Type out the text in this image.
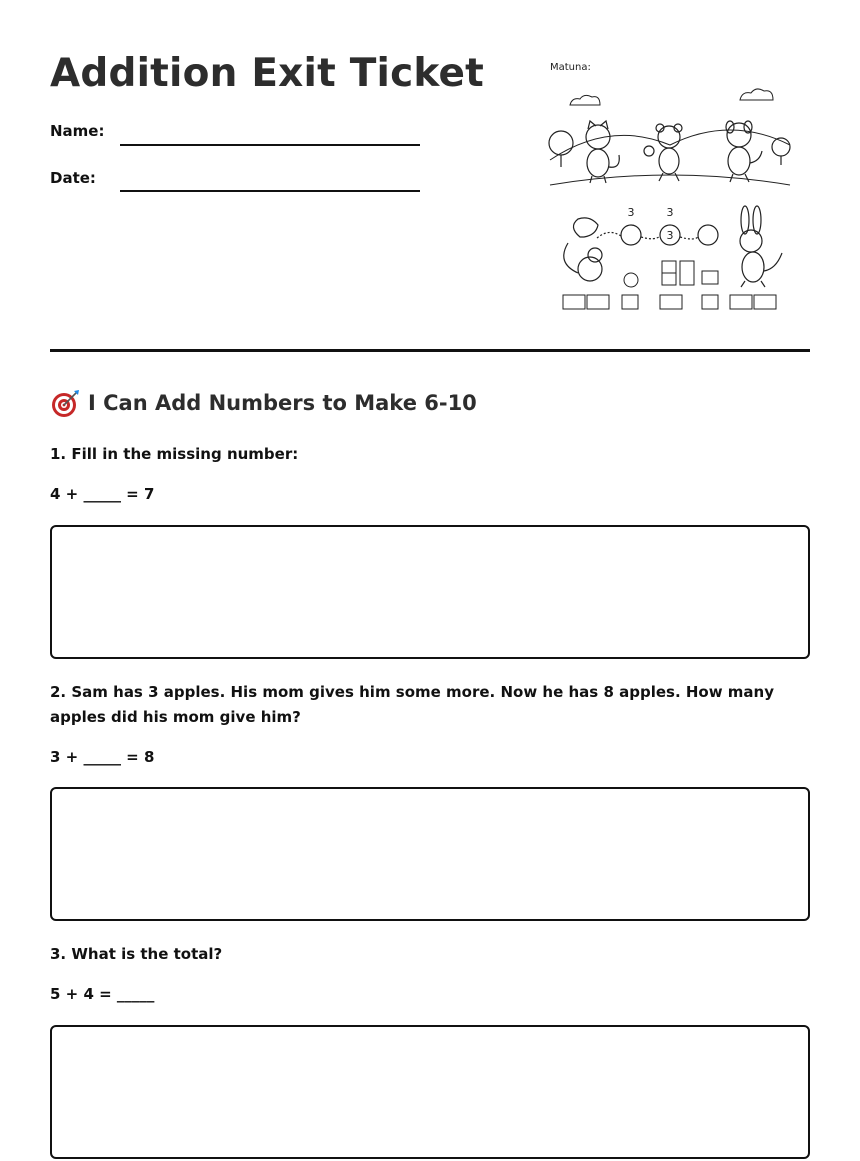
Addition Exit Ticket
Name:
Date:
Matuna:
3	3
3
I Can Add Numbers to Make 6-10
1. Fill in the missing number:
4 + _____ = 7
2. Sam has 3 apples. His mom gives him some more. Now he has 8 apples. How many apples did his mom give him?
3 + _____ = 8
3. What is the total?
5 + 4 = _____
